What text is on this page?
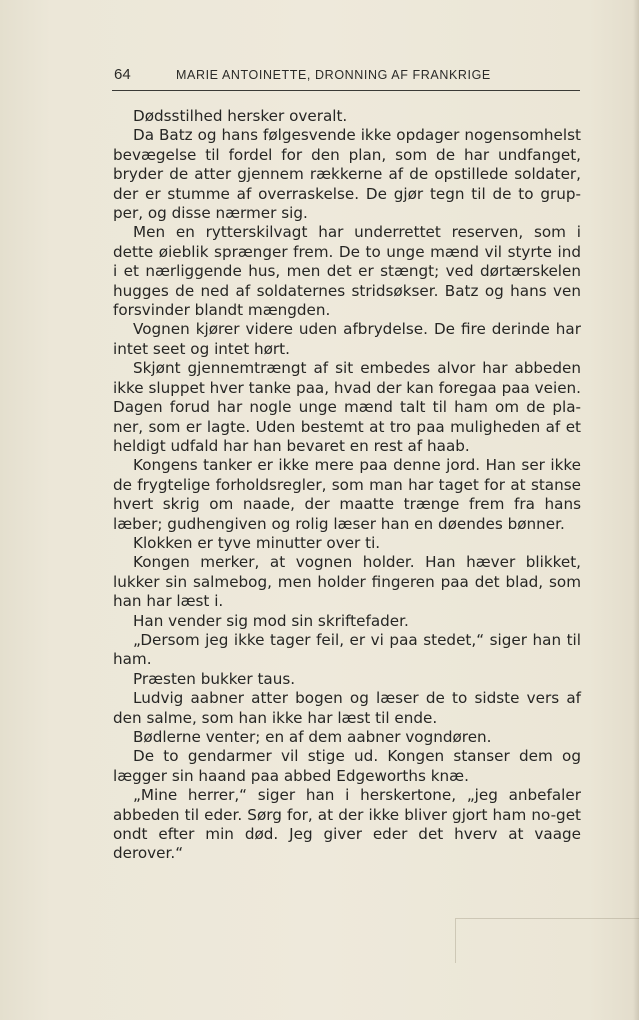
64	MARIE ANTOINETTE, DRONNING AF FRANKRIGE

Dødsstilhed hersker overalt.

Da Batz og hans følgesvende ikke opdager nogensomhelst bevægelse til fordel for den plan, som de har undfanget, bryder de atter gjennem rækkerne af de opstillede soldater, der er stumme af overraskelse. De gjør tegn til de to grup-per, og disse nærmer sig.

Men en rytterskilvagt har underrettet reserven, som i dette øieblik sprænger frem. De to unge mænd vil styrte ind i et nærliggende hus, men det er stængt; ved dørtærskelen hugges de ned af soldaternes stridsøkser. Batz og hans ven forsvinder blandt mængden.

Vognen kjører videre uden afbrydelse. De fire derinde har intet seet og intet hørt.

Skjønt gjennemtrængt af sit embedes alvor har abbeden ikke sluppet hver tanke paa, hvad der kan foregaa paa veien. Dagen forud har nogle unge mænd talt til ham om de pla-ner, som er lagte. Uden bestemt at tro paa muligheden af et heldigt udfald har han bevaret en rest af haab.

Kongens tanker er ikke mere paa denne jord. Han ser ikke de frygtelige forholdsregler, som man har taget for at stanse hvert skrig om naade, der maatte trænge frem fra hans læber; gudhengiven og rolig læser han en døendes bønner.

Klokken er tyve minutter over ti.

Kongen merker, at vognen holder. Han hæver blikket, lukker sin salmebog, men holder fingeren paa det blad, som han har læst i.

Han vender sig mod sin skriftefader.

„Dersom jeg ikke tager feil, er vi paa stedet,“ siger han til ham.

Præsten bukker taus.

Ludvig aabner atter bogen og læser de to sidste vers af den salme, som han ikke har læst til ende.

Bødlerne venter; en af dem aabner vogndøren.

De to gendarmer vil stige ud. Kongen stanser dem og lægger sin haand paa abbed Edgeworths knæ.

„Mine herrer,“ siger han i herskertone, „jeg anbefaler abbeden til eder. Sørg for, at der ikke bliver gjort ham no-get ondt efter min død. Jeg giver eder det hverv at vaage derover.“
